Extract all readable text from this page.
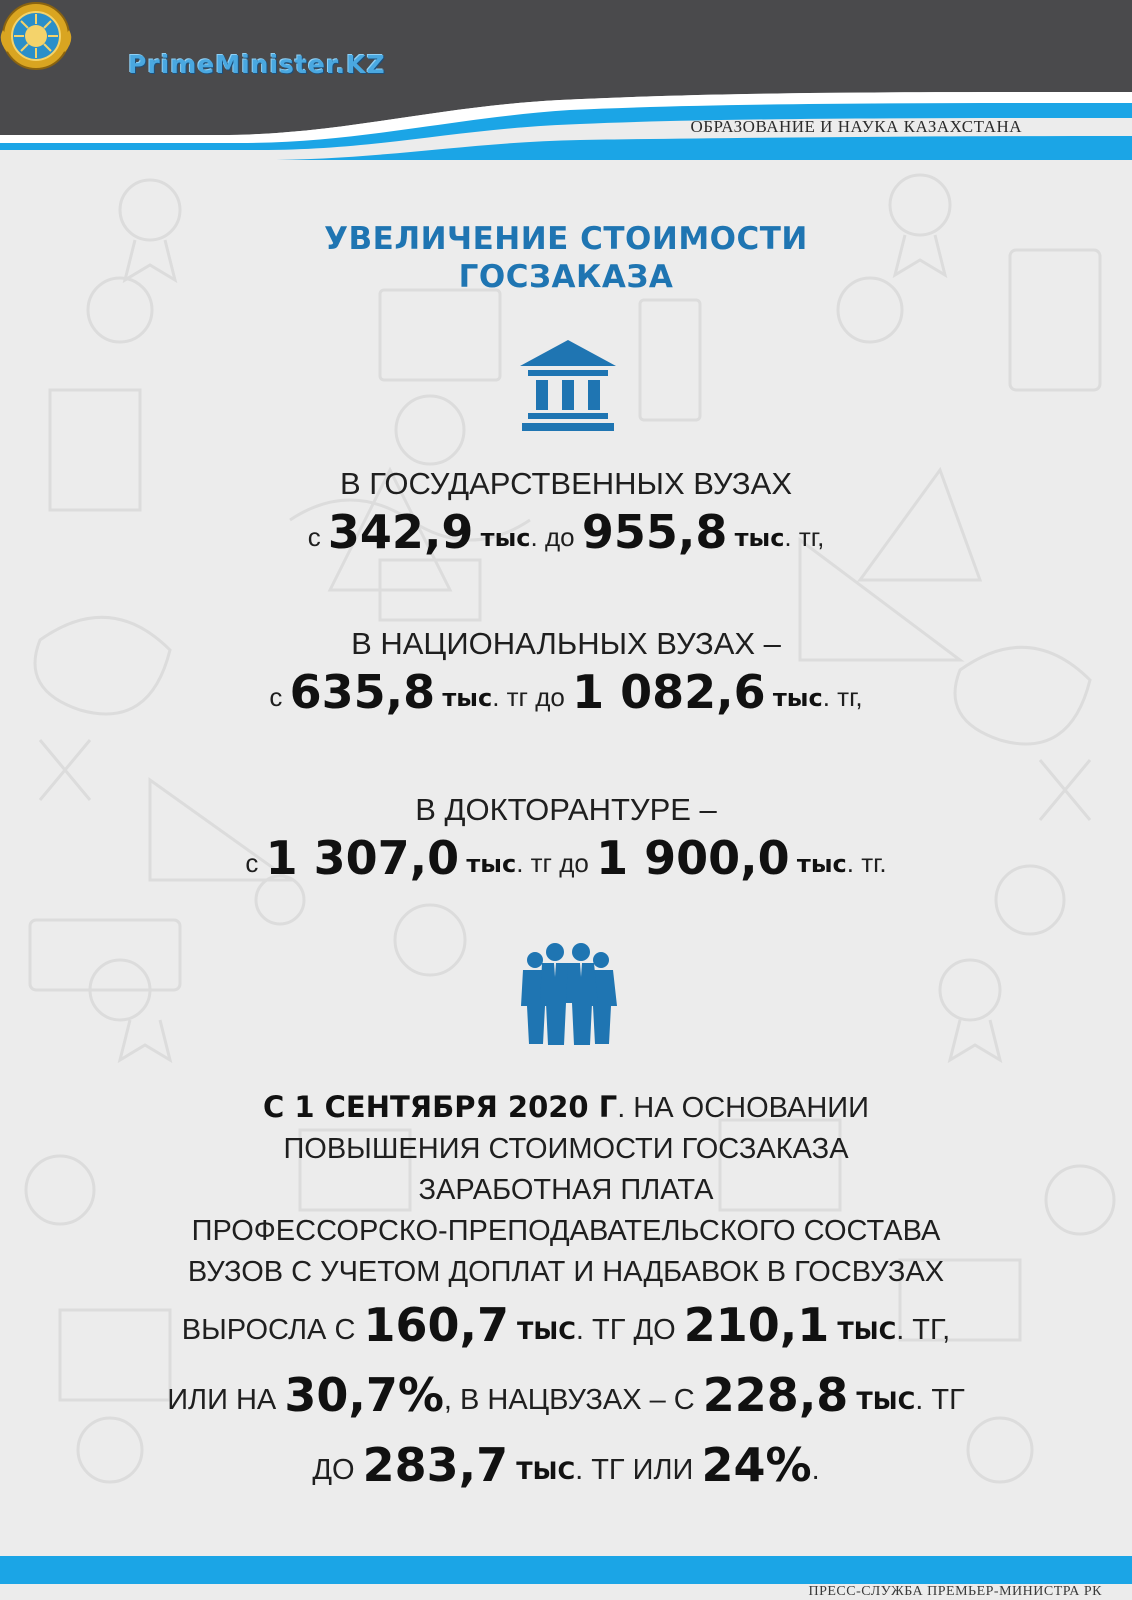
PrimeMinister.KZ
ОБРАЗОВАНИЕ И НАУКА КАЗАХСТАНА
УВЕЛИЧЕНИЕ СТОИМОСТИ
ГОСЗАКАЗА
В ГОСУДАРСТВЕННЫХ ВУЗАХ
с 342,9 тыс. до 955,8 тыс. тг,
В НАЦИОНАЛЬНЫХ ВУЗАХ –
с 635,8 тыс. тг до 1 082,6 тыс. тг,
В ДОКТОРАНТУРЕ –
с 1 307,0 тыс. тг до 1 900,0 тыс. тг.
С 1 СЕНТЯБРЯ 2020 Г. НА ОСНОВАНИИ
ПОВЫШЕНИЯ СТОИМОСТИ ГОСЗАКАЗА
ЗАРАБОТНАЯ ПЛАТА
ПРОФЕССОРСКО-ПРЕПОДАВАТЕЛЬСКОГО СОСТАВА
ВУЗОВ С УЧЕТОМ ДОПЛАТ И НАДБАВОК В ГОСВУЗАХ
ВЫРОСЛА С 160,7 ТЫС. ТГ ДО 210,1 ТЫС. ТГ,
ИЛИ НА 30,7%, В НАЦВУЗАХ – С 228,8 ТЫС. ТГ
ДО 283,7 ТЫС. ТГ ИЛИ 24%.
ПРЕСС-СЛУЖБА ПРЕМЬЕР-МИНИСТРА РК
